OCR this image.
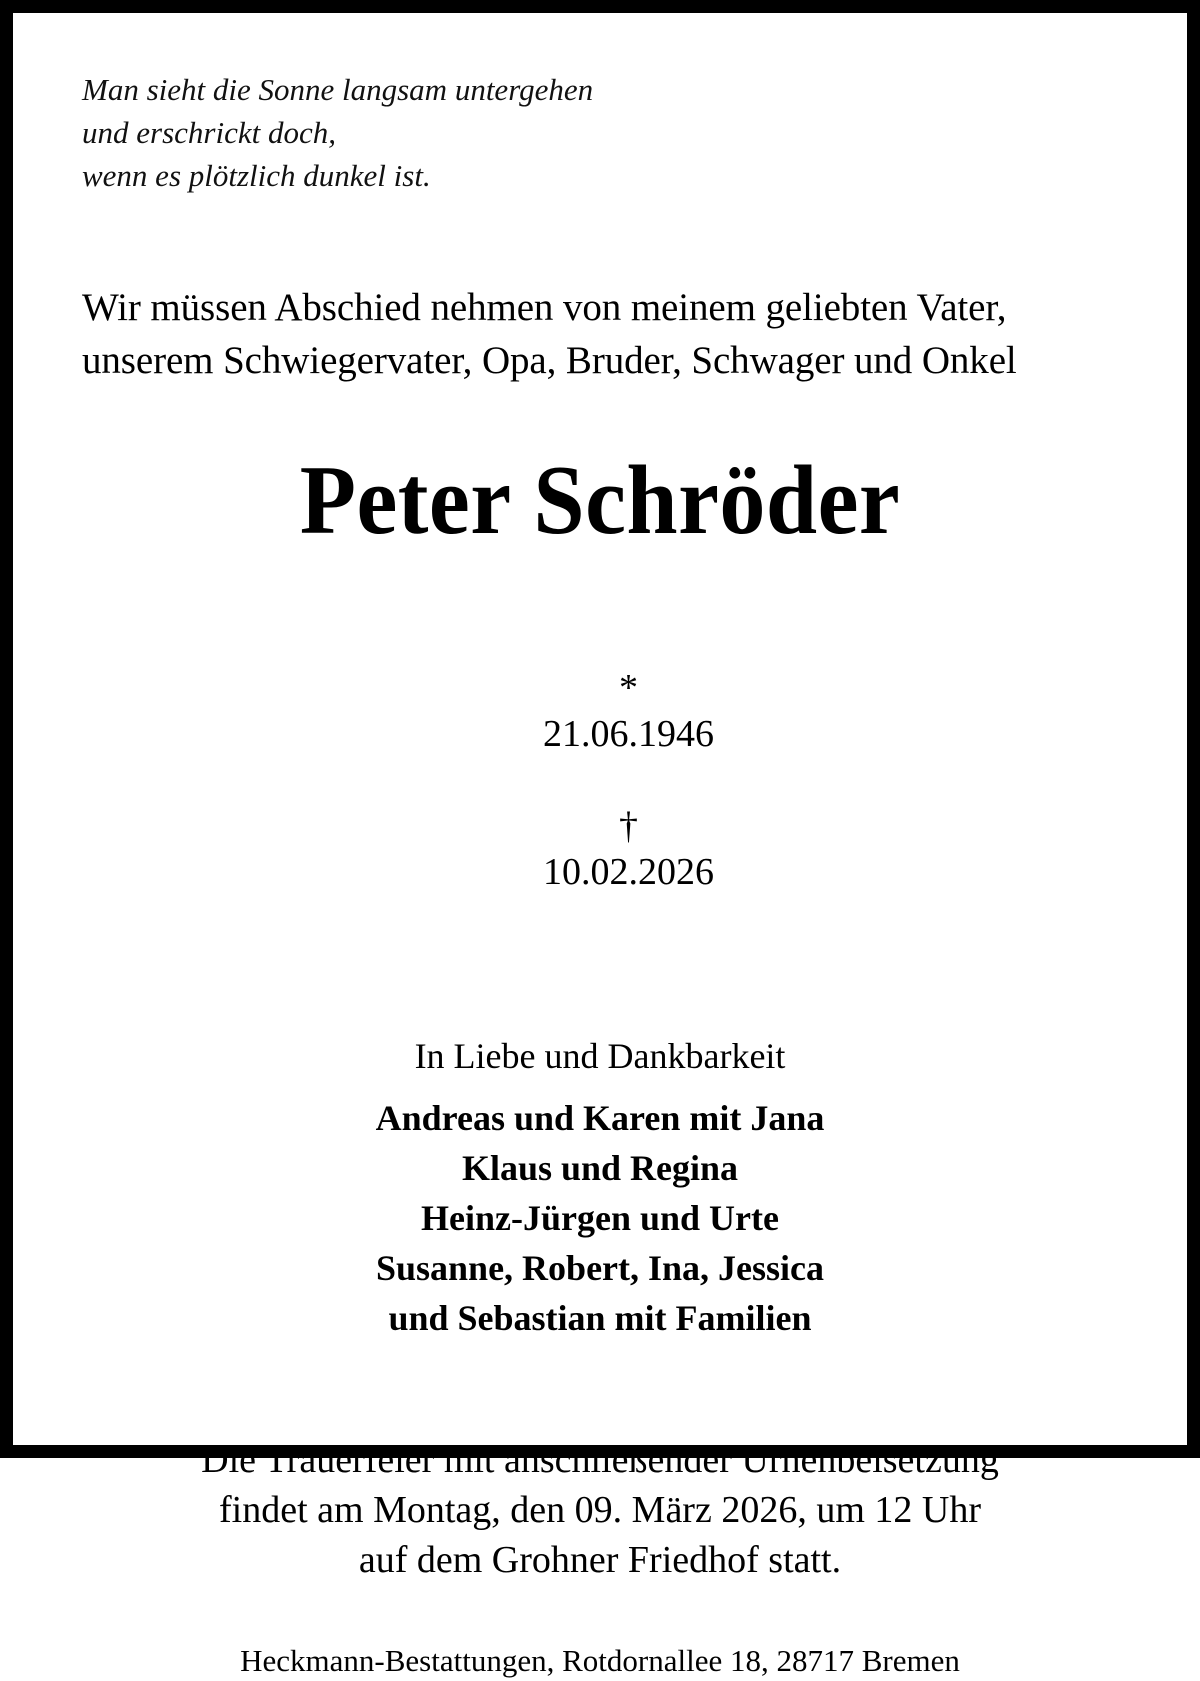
Man sieht die Sonne langsam untergehen
und erschrickt doch,
wenn es plötzlich dunkel ist.
Wir müssen Abschied nehmen von meinem geliebten Vater,
unserem Schwiegervater, Opa, Bruder, Schwager und Onkel
Peter Schröder

*
21.06.1946

†
10.02.2026

In Liebe und Dankbarkeit
Andreas und Karen mit Jana
Klaus und Regina
Heinz-Jürgen und Urte
Susanne, Robert, Ina, Jessica
und Sebastian mit Familien
Die Trauerfeier mit anschließender Urnenbeisetzung
findet am Montag, den 09. März 2026, um 12 Uhr
auf dem Grohner Friedhof statt.
Heckmann-Bestattungen, Rotdornallee 18, 28717 Bremen
